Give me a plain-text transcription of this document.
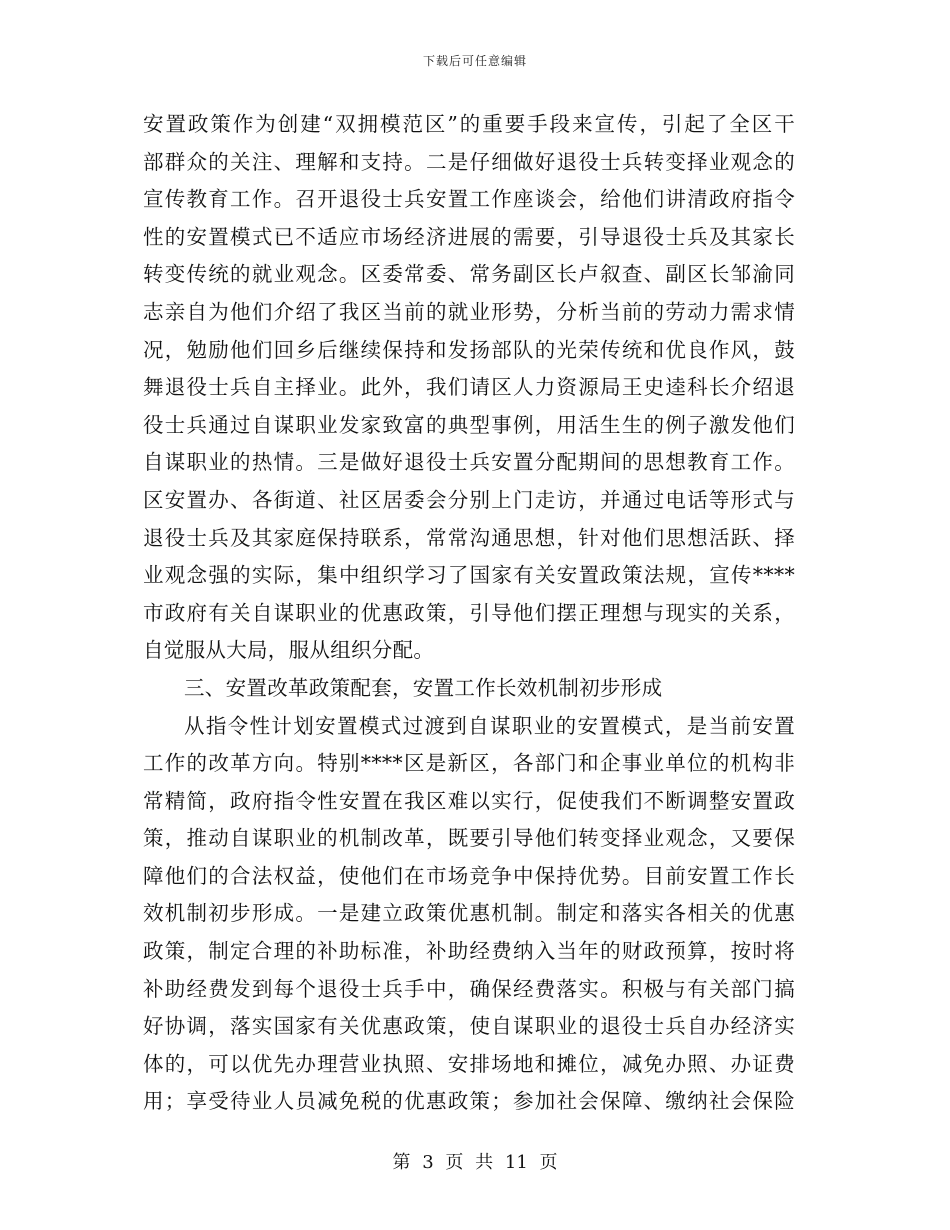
下载后可任意编辑
安置政策作为创建“双拥模范区”的重要手段来宣传，引起了全区干
部群众的关注、理解和支持。二是仔细做好退役士兵转变择业观念的
宣传教育工作。召开退役士兵安置工作座谈会，给他们讲清政府指令
性的安置模式已不适应市场经济进展的需要，引导退役士兵及其家长
转变传统的就业观念。区委常委、常务副区长卢叙查、副区长邹渝同
志亲自为他们介绍了我区当前的就业形势，分析当前的劳动力需求情
况，勉励他们回乡后继续保持和发扬部队的光荣传统和优良作风，鼓
舞退役士兵自主择业。此外，我们请区人力资源局王史逵科长介绍退
役士兵通过自谋职业发家致富的典型事例，用活生生的例子激发他们
自谋职业的热情。三是做好退役士兵安置分配期间的思想教育工作。
区安置办、各街道、社区居委会分别上门走访，并通过电话等形式与
退役士兵及其家庭保持联系，常常沟通思想，针对他们思想活跃、择
业观念强的实际，集中组织学习了国家有关安置政策法规，宣传****
市政府有关自谋职业的优惠政策，引导他们摆正理想与现实的关系，
自觉服从大局，服从组织分配。
三、安置改革政策配套，安置工作长效机制初步形成
从指令性计划安置模式过渡到自谋职业的安置模式，是当前安置
工作的改革方向。特别****区是新区，各部门和企事业单位的机构非
常精简，政府指令性安置在我区难以实行，促使我们不断调整安置政
策，推动自谋职业的机制改革，既要引导他们转变择业观念，又要保
障他们的合法权益，使他们在市场竞争中保持优势。目前安置工作长
效机制初步形成。一是建立政策优惠机制。制定和落实各相关的优惠
政策，制定合理的补助标准，补助经费纳入当年的财政预算，按时将
补助经费发到每个退役士兵手中，确保经费落实。积极与有关部门搞
好协调，落实国家有关优惠政策，使自谋职业的退役士兵自办经济实
体的，可以优先办理营业执照、安排场地和摊位，减免办照、办证费
用；享受待业人员减免税的优惠政策；参加社会保障、缴纳社会保险
第 3 页 共 11 页
